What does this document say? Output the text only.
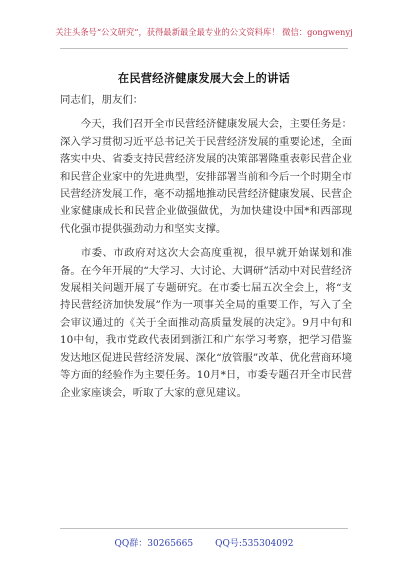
关注头条号“公文研究”，获得最新最全最专业的公文资料库！ 微信：gongwenyj
在民营经济健康发展大会上的讲话

同志们，朋友们：

今天，我们召开全市民营经济健康发展大会，主要任务是：深入学习贯彻习近平总书记关于民营经济发展的重要论述，全面落实中央、省委支持民营经济发展的决策部署隆重表彰民营企业和民营企业家中的先进典型，安排部署当前和今后一个时期全市民营经济发展工作，毫不动摇地推动民营经济健康发展、民营企业家健康成长和民营企业做强做优，为加快建设中国*和西部现代化强市提供强劲动力和坚实支撑。

市委、市政府对这次大会高度重视，很早就开始谋划和准备。在今年开展的“大学习、大讨论、大调研”活动中对民营经济发展相关问题开展了专题研究。在市委七届五次全会上，将“支持民营经济加快发展”作为一项事关全局的重要工作，写入了全会审议通过的《关于全面推动高质量发展的决定》。9月中旬和10中旬，我市党政代表团到浙江和广东学习考察，把学习借鉴发达地区促进民营经济发展、深化“放管服”改革、优化营商环境等方面的经验作为主要任务。10月*日，市委专题召开全市民营企业家座谈会，听取了大家的意见建议。

QQ群：30265665 QQ号:535304092
